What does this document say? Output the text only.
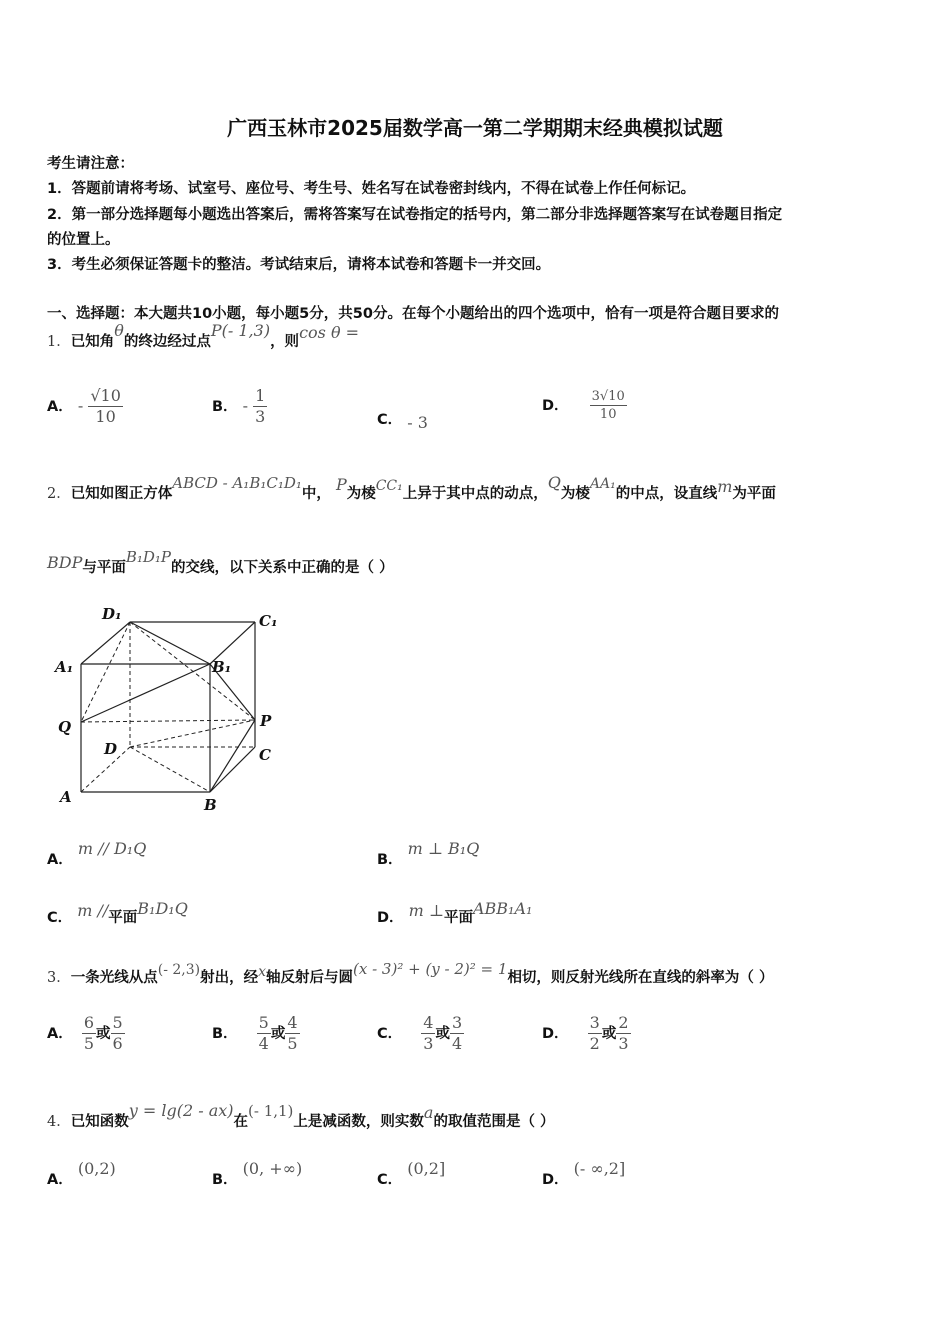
广西玉林市2025届数学高一第二学期期末经典模拟试题
考生请注意：
1．答题前请将考场、试室号、座位号、考生号、姓名写在试卷密封线内，不得在试卷上作任何标记。
2．第一部分选择题每小题选出答案后，需将答案写在试卷指定的括号内，第二部分非选择题答案写在试卷题目指定
的位置上。
3．考生必须保证答题卡的整洁。考试结束后，请将本试卷和答题卡一并交回。
一、选择题：本大题共10小题，每小题5分，共50分。在每个小题给出的四个选项中，恰有一项是符合题目要求的
1．已知角θ的终边经过点P(- 1,3)，则cos θ =
A． - $\frac{√10}{10}$	B． - $\frac{1}{3}$	C． - 3
D． $\frac{3√10}{10}$
2．已知如图正方体ABCD - A₁B₁C₁D₁中， P为棱CC₁上异于其中点的动点，Q为棱AA₁的中点，设直线m为平面
BDP与平面B₁D₁P的交线，以下关系中正确的是（ ）
D₁	C₁
A₁	B₁
Q	P
D	C
A	B
A． m // D₁Q
B． m ⊥ B₁Q
C． m //平面B₁D₁Q	D． m ⊥平面ABB₁A₁
3．一条光线从点(- 2,3)射出，经x轴反射后与圆(x - 3)² + (y - 2)² = 1相切，则反射光线所在直线的斜率为（ ）
A． $\frac{6}{5}$ 或 $\frac{5}{6}$	B． $\frac{5}{4}$ 或 $\frac{4}{5}$	C． $\frac{4}{3}$ 或 $\frac{3}{4}$	D． $\frac{3}{2}$ 或 $\frac{2}{3}$
4．已知函数y = lg(2 - ax)在(- 1,1)上是减函数，则实数a的取值范围是（ ）
A． (0,2)
B． (0, +∞)
C． (0,2]
D． (- ∞,2]
